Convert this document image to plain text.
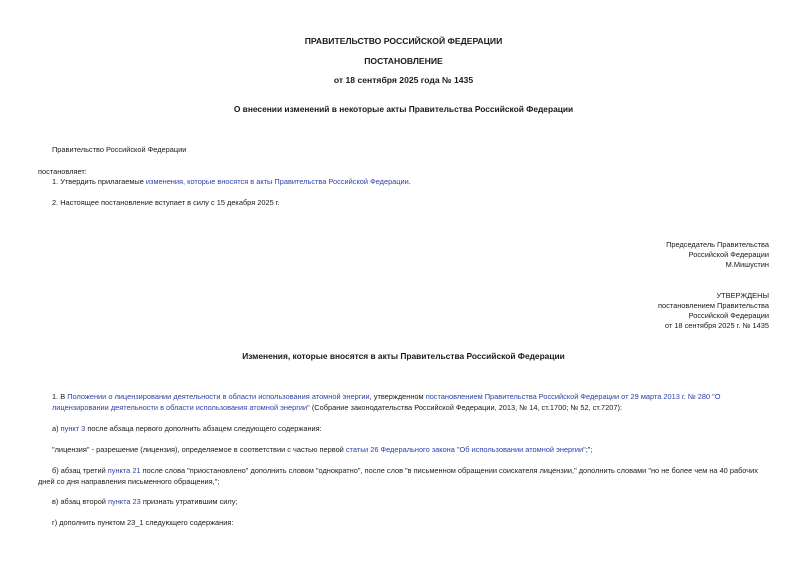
ПРАВИТЕЛЬСТВО РОССИЙСКОЙ ФЕДЕРАЦИИ
ПОСТАНОВЛЕНИЕ
от 18 сентября 2025 года № 1435
О внесении изменений в некоторые акты Правительства Российской Федерации
Правительство Российской Федерации
постановляет:
1. Утвердить прилагаемые изменения, которые вносятся в акты Правительства Российской Федерации.
2. Настоящее постановление вступает в силу с 15 декабря 2025 г.
Председатель Правительства
Российской Федерации
М.Мишустин
УТВЕРЖДЕНЫ
постановлением Правительства
Российской Федерации
от 18 сентября 2025 г. № 1435
Изменения, которые вносятся в акты Правительства Российской Федерации
1. В Положении о лицензировании деятельности в области использования атомной энергии, утвержденном постановлением Правительства Российской Федерации от 29 марта 2013 г. № 280 "О лицензировании деятельности в области использования атомной энергии" (Собрание законодательства Российской Федерации, 2013, № 14, ст.1700; № 52, ст.7207):
а) пункт 3 после абзаца первого дополнить абзацем следующего содержания:
"лицензия" - разрешение (лицензия), определяемое в соответствии с частью первой статьи 26 Федерального закона "Об использовании атомной энергии";";
б) абзац третий пункта 21 после слова "приостановлено" дополнить словом "однократно", после слов "в письменном обращении соискателя лицензии," дополнить словами "но не более чем на 40 рабочих дней со дня направления письменного обращения,";
в) абзац второй пункта 23 признать утратившим силу;
г) дополнить пунктом 23_1 следующего содержания:
